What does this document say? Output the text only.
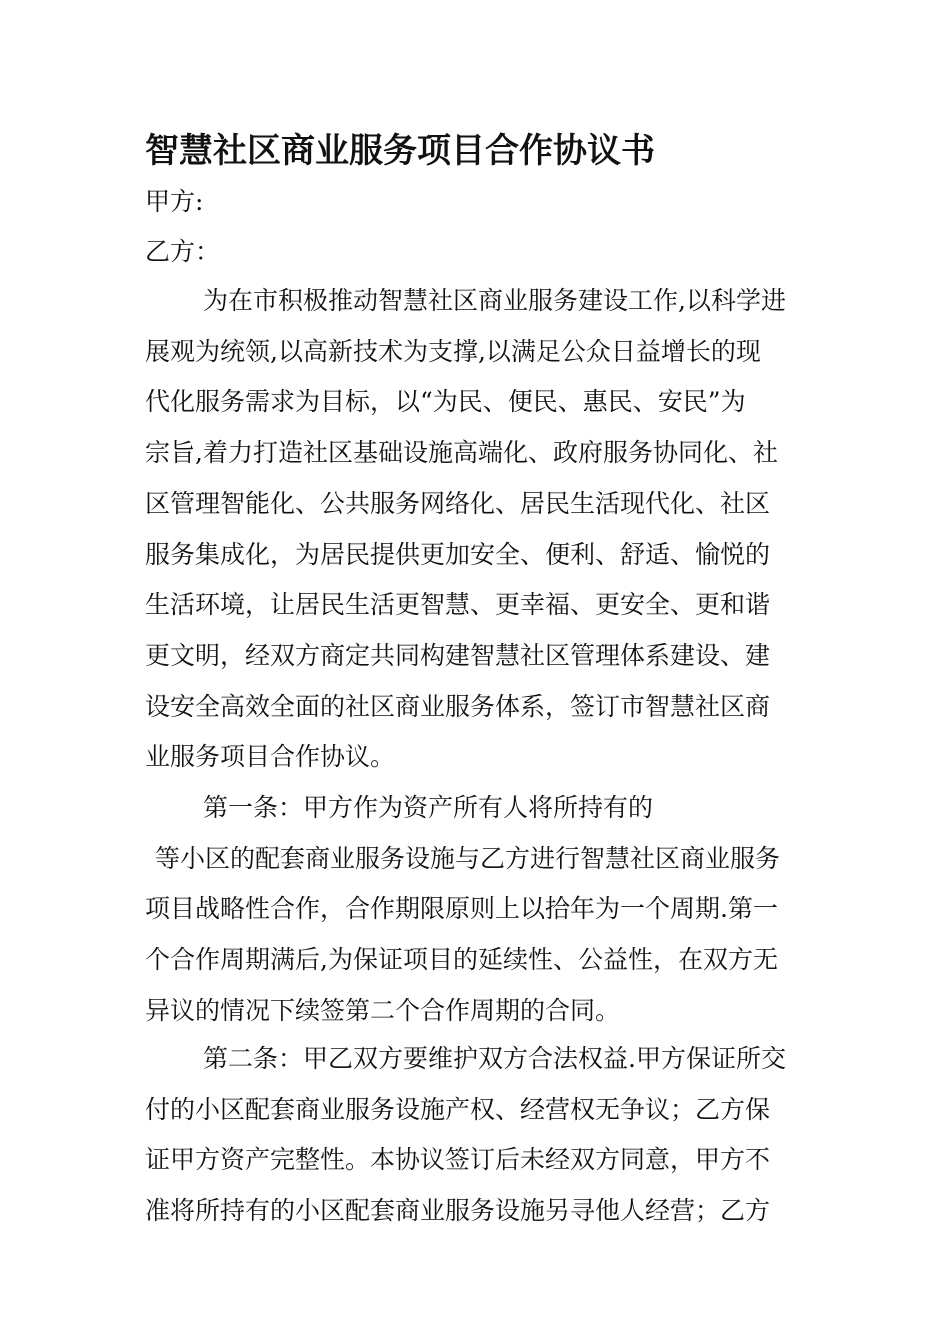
智慧社区商业服务项目合作协议书
甲方:
乙方：
为在市积极推动智慧社区商业服务建设工作,以科学进
展观为统领,以高新技术为支撑,以满足公众日益增长的现
代化服务需求为目标，以“为民、便民、惠民、安民”为
宗旨,着力打造社区基础设施高端化、政府服务协同化、社
区管理智能化、公共服务网络化、居民生活现代化、社区
服务集成化，为居民提供更加安全、便利、舒适、愉悦的
生活环境，让居民生活更智慧、更幸福、更安全、更和谐
更文明，经双方商定共同构建智慧社区管理体系建设、建
设安全高效全面的社区商业服务体系，签订市智慧社区商
业服务项目合作协议。
第一条：甲方作为资产所有人将所持有的
等小区的配套商业服务设施与乙方进行智慧社区商业服务
项目战略性合作，合作期限原则上以拾年为一个周期.第一
个合作周期满后,为保证项目的延续性、公益性，在双方无
异议的情况下续签第二个合作周期的合同。
第二条：甲乙双方要维护双方合法权益.甲方保证所交
付的小区配套商业服务设施产权、经营权无争议；乙方保
证甲方资产完整性。本协议签订后未经双方同意，甲方不
准将所持有的小区配套商业服务设施另寻他人经营；乙方
